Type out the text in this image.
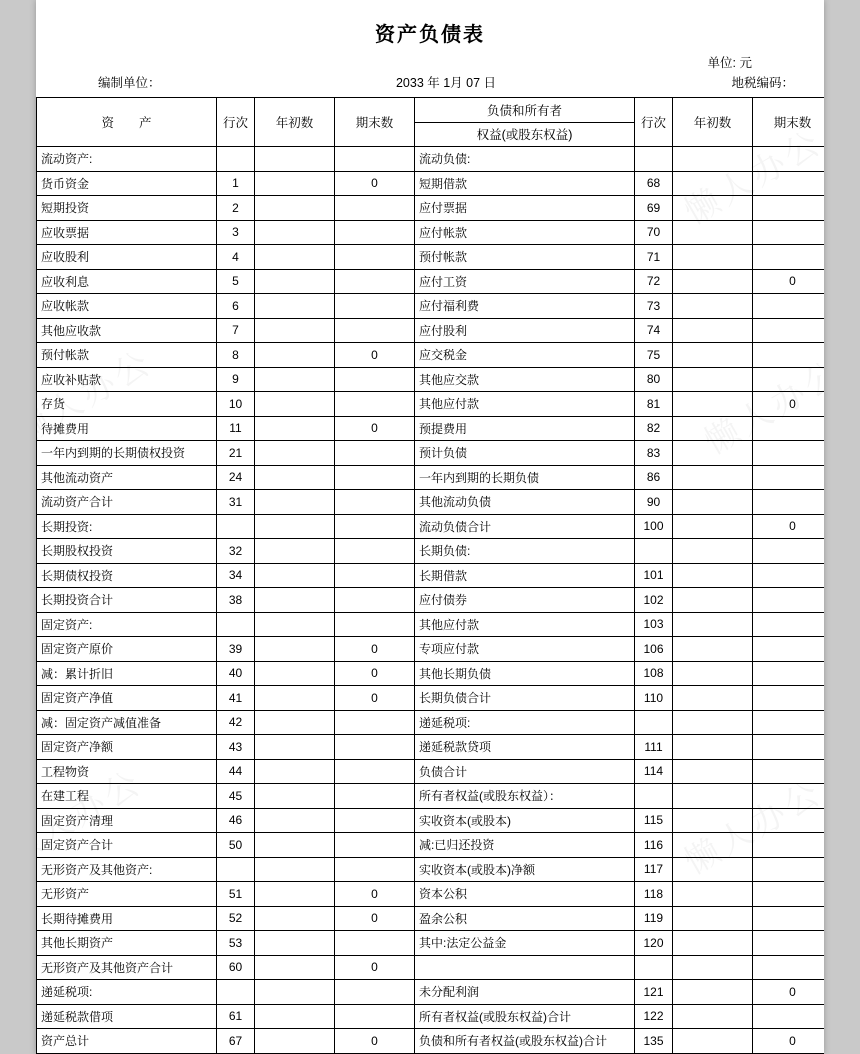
资产负债表
单位: 元
编制单位：	2033 年 1月 07 日	地税编码：
资　　产	行次	年初数	期末数	负债和所有者	行次	年初数	期末数
				权益(或股东权益)			
流动资产:				流动负债:			
货币资金	1		0	短期借款	68		
短期投资	2			应付票据	69		
应收票据	3			应付帐款	70		
应收股利	4			预付帐款	71		
应收利息	5			应付工资	72		0
应收帐款	6			应付福利费	73		
其他应收款	7			应付股利	74		
预付帐款	8		0	应交税金	75		
应收补贴款	9			其他应交款	80		
存货	10			其他应付款	81		0
待摊费用	11		0	预提费用	82		
一年内到期的长期债权投资	21			预计负债	83		
其他流动资产	24			一年内到期的长期负债	86		
流动资产合计	31			其他流动负债	90		
长期投资:				流动负债合计	100		0
长期股权投资	32			长期负债:			
长期债权投资	34			长期借款	101		
长期投资合计	38			应付债券	102		
固定资产:				其他应付款	103		
固定资产原价	39		0	专项应付款	106		
减：累计折旧	40		0	其他长期负债	108		
固定资产净值	41		0	长期负债合计	110		
减：固定资产减值准备	42			递延税项:			
固定资产净额	43			递延税款贷项	111		
工程物资	44			负债合计	114		
在建工程	45			所有者权益(或股东权益）：			
固定资产清理	46			实收资本(或股本)	115		
固定资产合计	50			减:已归还投资	116		
无形资产及其他资产:				实收资本(或股本)净额	117		
无形资产	51		0	资本公积	118		
长期待摊费用	52		0	盈余公积	119		
其他长期资产	53			其中:法定公益金	120		
无形资产及其他资产合计	60		0				
递延税项:				未分配利润	121		0
递延税款借项	61			所有者权益(或股东权益)合计	122		
资产总计	67		0	负债和所有者权益(或股东权益)合计	135		0
